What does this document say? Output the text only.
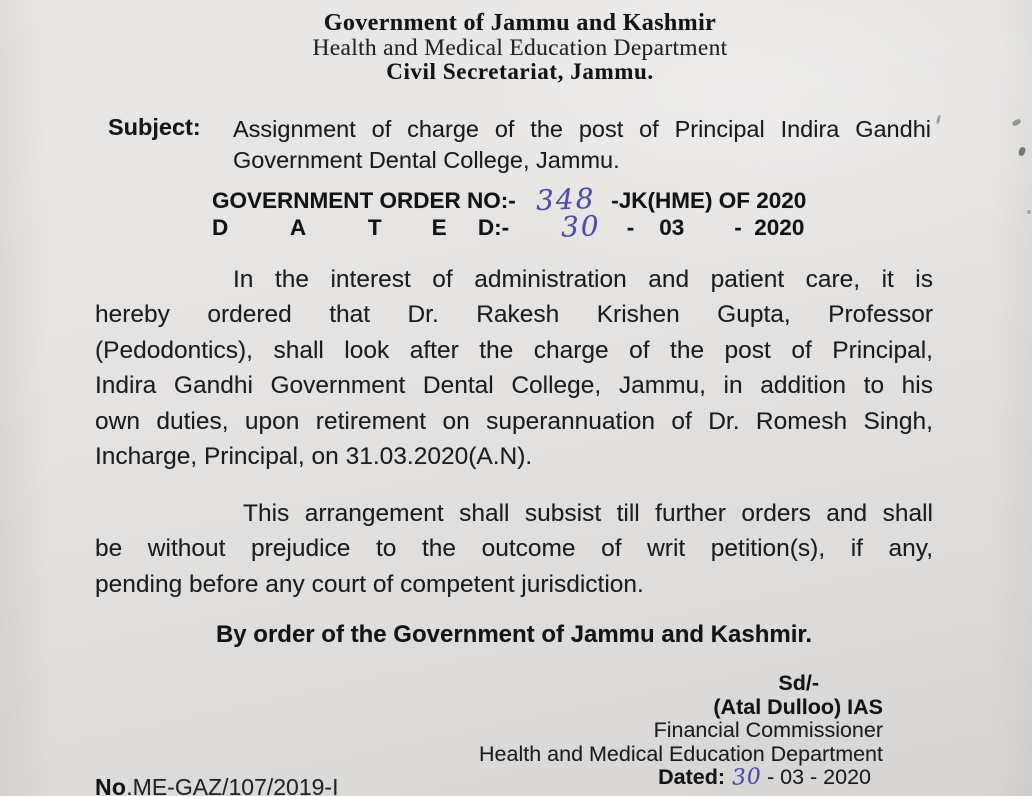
Government of Jammu and Kashmir
Health and Medical Education Department
Civil Secretariat, Jammu.
Subject: Assignment of charge of the post of Principal Indira Gandhi
Government Dental College, Jammu.
GOVERNMENT ORDER NO:- 348 -JK(HME) OF 2020
D          A          T        E     D:- 30 -    03        -  2020
In the interest of administration and patient care, it is
hereby ordered that Dr. Rakesh Krishen Gupta, Professor
(Pedodontics), shall look after the charge of the post of Principal,
Indira Gandhi Government Dental College, Jammu, in addition to his
own duties, upon retirement on superannuation of Dr. Romesh Singh,
Incharge, Principal, on 31.03.2020(A.N).
This arrangement shall subsist till further orders and shall
be without prejudice to the outcome of writ petition(s), if any,
pending before any court of competent jurisdiction.
By order of the Government of Jammu and Kashmir.
Sd/-
(Atal Dulloo) IAS
Financial Commissioner
Health and Medical Education Department
Dated: 30 - 03 - 2020
No.ME-GAZ/107/2019-I
